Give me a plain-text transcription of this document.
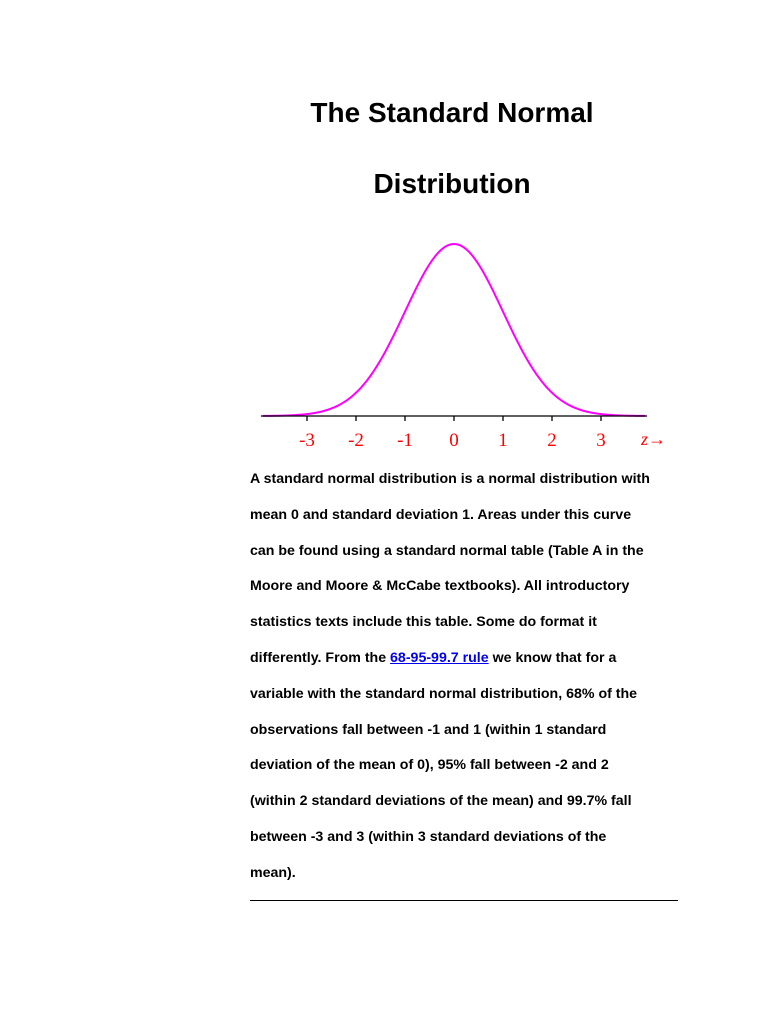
The Standard Normal
Distribution
-3 -2 -1 0 1 2 3 z→
A standard normal distribution is a normal distribution with
mean 0 and standard deviation 1. Areas under this curve
can be found using a standard normal table (Table A in the
Moore and Moore & McCabe textbooks). All introductory
statistics texts include this table. Some do format it
differently. From the 68-95-99.7 rule we know that for a
variable with the standard normal distribution, 68% of the
observations fall between -1 and 1 (within 1 standard
deviation of the mean of 0), 95% fall between -2 and 2
(within 2 standard deviations of the mean) and 99.7% fall
between -3 and 3 (within 3 standard deviations of the
mean).
